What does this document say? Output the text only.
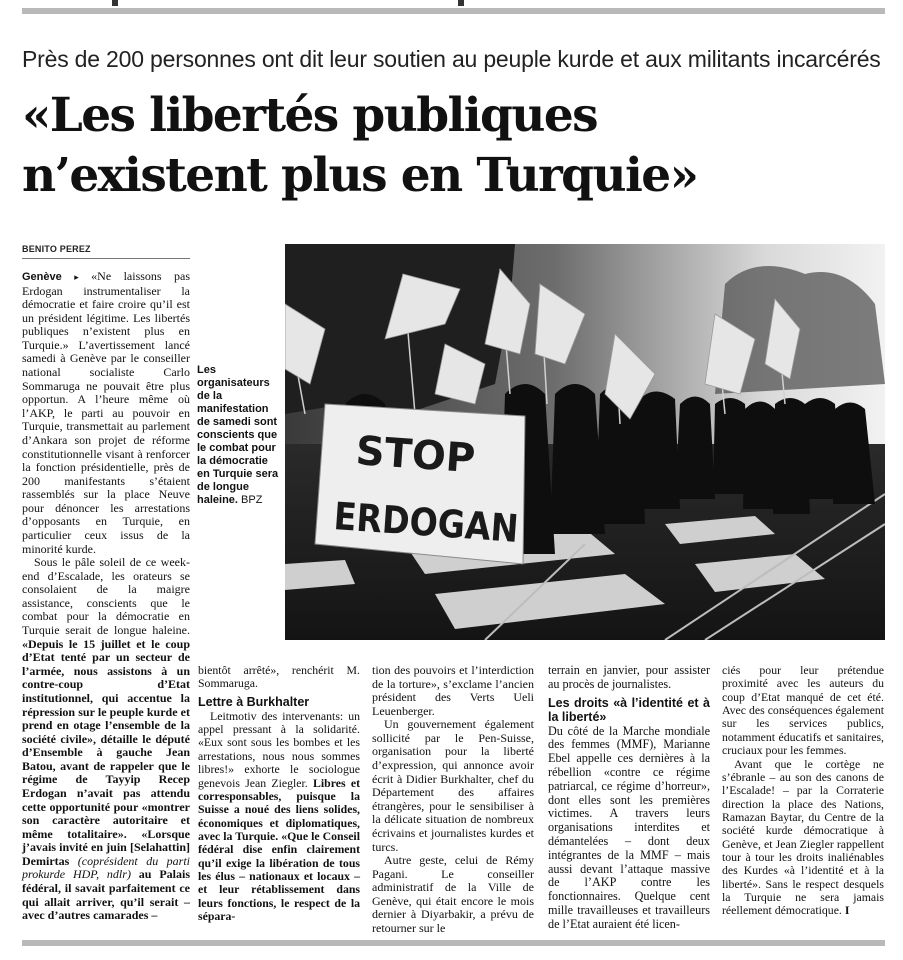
Près de 200 personnes ont dit leur soutien au peuple kurde et aux militants incarcérés
«Les libertés publiques
n’existent plus en Turquie»
BENITO PEREZ
STOP
ERDOGAN
Les organisateurs de la manifestation de samedi sont conscients que le combat pour la démocratie en Turquie sera de longue haleine. BPZ

Genève ▸ «Ne laissons pas Erdogan instrumentaliser la démocratie et faire croire qu’il est un président légitime. Les libertés publiques n’existent plus en Turquie.» L’avertissement lancé samedi à Genève par le conseiller national socialiste Carlo Sommaruga ne pouvait être plus opportun. A l’heure même où l’AKP, le parti au pouvoir en Turquie, transmettait au parlement d’Ankara son projet de réforme constitutionnelle visant à renforcer la fonction présidentielle, près de 200 manifestants s’étaient rassemblés sur la place Neuve pour dénoncer les arrestations d’opposants en Turquie, en particulier ceux issus de la minorité kurde.

Sous le pâle soleil de ce week-end d’Escalade, les orateurs se consolaient de la maigre assistance, conscients que le combat pour la démocratie en Turquie serait de longue haleine. «Depuis le 15 juillet et le coup d’Etat tenté par un secteur de l’armée, nous assistons à un contre-coup d’Etat institutionnel, qui accentue la répression sur le peuple kurde et prend en otage l’ensemble de la société civile», détaille le député d’Ensemble à gauche Jean Batou, avant de rappeler que le régime de Tayyip Recep Erdogan n’avait pas attendu cette opportunité pour «montrer son caractère autoritaire et même totalitaire». «Lorsque j’avais invité en juin [Selahattin] Demirtas (coprésident du parti prokurde HDP, ndlr) au Palais fédéral, il savait parfaitement ce qui allait arriver, qu’il serait – avec d’autres camarades –

bientôt arrêté», renchérit M. Sommaruga.

Lettre à Burkhalter

Leitmotiv des intervenants: un appel pressant à la solidarité. «Eux sont sous les bombes et les arrestations, nous nous sommes libres!» exhorte le sociologue genevois Jean Ziegler. Libres et corresponsables, puisque la Suisse a noué des liens solides, économiques et diplomatiques, avec la Turquie. «Que le Conseil fédéral dise enfin clairement qu’il exige la libération de tous les élus – nationaux et locaux – et leur rétablissement dans leurs fonctions, le respect de la sépara-

tion des pouvoirs et l’interdiction de la torture», s’exclame l’ancien président des Verts Ueli Leuenberger.

Un gouvernement également sollicité par le Pen-Suisse, organisation pour la liberté d’expression, qui annonce avoir écrit à Didier Burkhalter, chef du Département des affaires étrangères, pour le sensibiliser à la délicate situation de nombreux écrivains et journalistes kurdes et turcs.

Autre geste, celui de Rémy Pagani. Le conseiller administratif de la Ville de Genève, qui était encore le mois dernier à Diyarbakir, a prévu de retourner sur le

terrain en janvier, pour assister au procès de journalistes.

Les droits «à l’identité et à la liberté»

Du côté de la Marche mondiale des femmes (MMF), Marianne Ebel appelle ces dernières à la rébellion «contre ce régime patriarcal, ce régime d’horreur», dont elles sont les premières victimes. A travers leurs organisations interdites et démantelées – dont deux intégrantes de la MMF – mais aussi devant l’attaque massive de l’AKP contre les fonctionnaires. Quelque cent mille travailleuses et travailleurs de l’Etat auraient été licen-

ciés pour leur prétendue proximité avec les auteurs du coup d’Etat manqué de cet été. Avec des conséquences également sur les services publics, notamment éducatifs et sanitaires, cruciaux pour les femmes.

Avant que le cortège ne s’ébranle – au son des canons de l’Escalade! – par la Corraterie direction la place des Nations, Ramazan Baytar, du Centre de la société kurde démocratique à Genève, et Jean Ziegler rappellent tour à tour les droits inaliénables des Kurdes «à l’identité et à la liberté». Sans le respect desquels la Turquie ne sera jamais réellement démocratique. I
